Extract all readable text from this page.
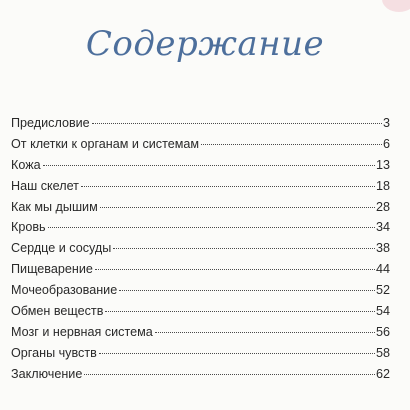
Содержание
Предисловие	3
От клетки к органам и системам	6
Кожа	13
Наш скелет	18
Как мы дышим	28
Кровь	34
Сердце и сосуды	38
Пищеварение	44
Мочеобразование	52
Обмен веществ	54
Мозг и нервная система	56
Органы чувств	58
Заключение	62
